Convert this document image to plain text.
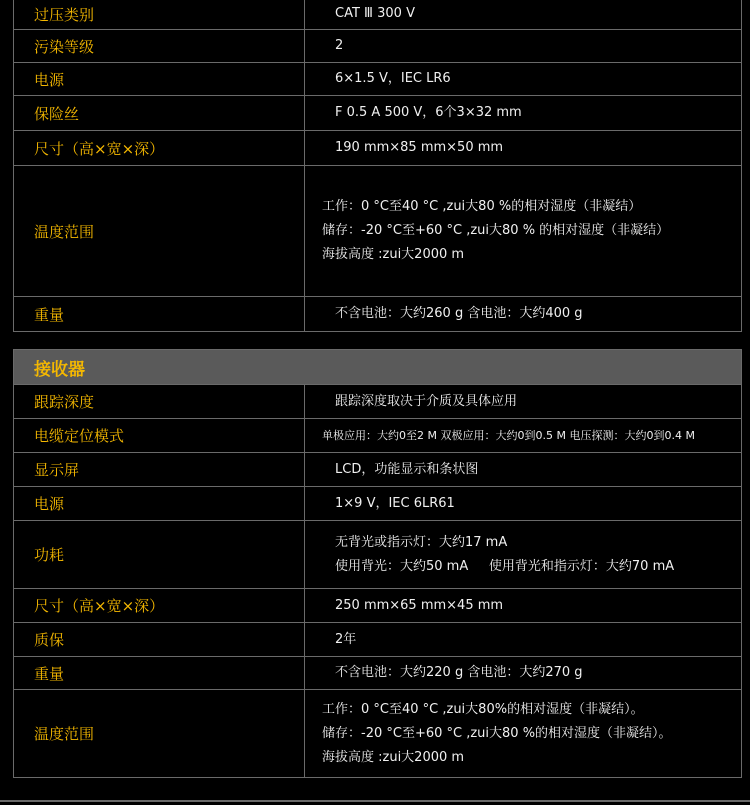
过压类别	CAT Ⅲ 300 V
污染等级	2
电源	6×1.5 V，IEC LR6
保险丝	F 0.5 A 500 V，6个3×32 mm
尺寸（高×宽×深）	190 mm×85 mm×50 mm
温度范围
工作：0 °C至40 °C ,zui大80 %的相对湿度（非凝结）
储存：-20 °C至+60 °C ,zui大80 % 的相对湿度（非凝结）
海拔高度 :zui大2000 m
重量	不含电池：大约260 g 含电池：大约400 g
接收器
跟踪深度	跟踪深度取决于介质及具体应用
电缆定位模式	单极应用：大约0至2 M 双极应用：大约0到0.5 M 电压探测：大约0到0.4 M
显示屏	LCD，功能显示和条状图
电源	1×9 V，IEC 6LR61
功耗
无背光或指示灯：大约17 mA
使用背光：大约50 mA     使用背光和指示灯：大约70 mA
尺寸（高×宽×深）	250 mm×65 mm×45 mm
质保	2年
重量	不含电池：大约220 g 含电池：大约270 g
温度范围
工作：0 °C至40 °C ,zui大80%的相对湿度（非凝结）。
储存：-20 °C至+60 °C ,zui大80 %的相对湿度（非凝结）。
海拔高度 :zui大2000 m
